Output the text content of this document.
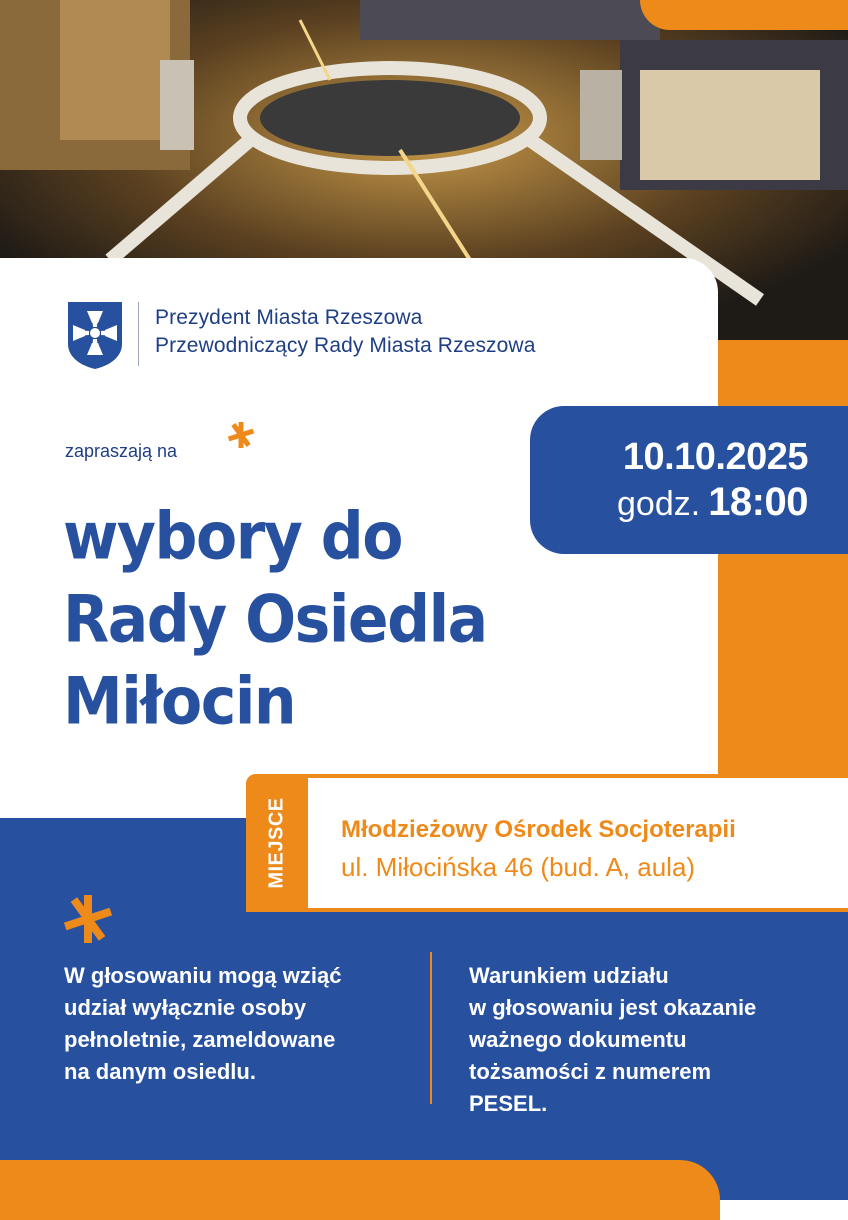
Prezydent Miasta Rzeszowa
Przewodniczący Rady Miasta Rzeszowa
zapraszają na	10.10.2025
godz. 18:00
wybory do
Rady Osiedla
Miłocin
MIEJSCE Młodzieżowy Ośrodek Socjoterapii
ul. Miłocińska 46 (bud. A, aula)
W głosowaniu mogą wziąć
udział wyłącznie osoby
pełnoletnie, zameldowane
na danym osiedlu.
Warunkiem udziału
w głosowaniu jest okazanie
ważnego dokumentu
tożsamości z numerem
PESEL.
